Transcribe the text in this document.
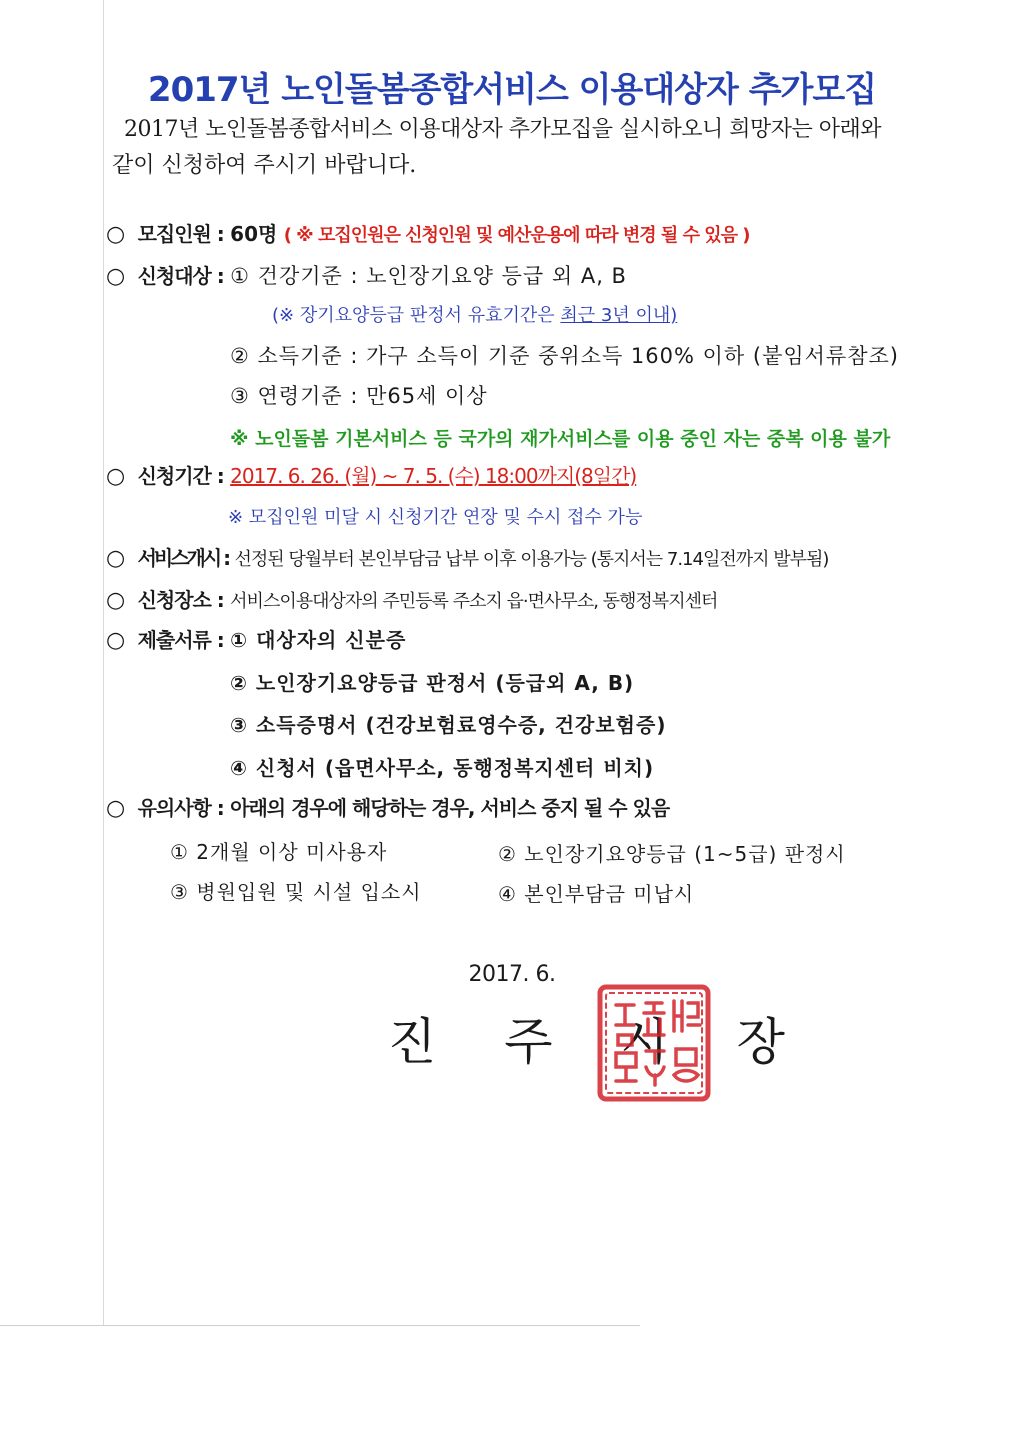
2017년 노인돌봄종합서비스 이용대상자 추가모집
2017년 노인돌봄종합서비스 이용대상자 추가모집을 실시하오니 희망자는 아래와
같이 신청하여 주시기 바랍니다.
○ 모집인원 : 60명 ( ※ 모집인원은 신청인원 및 예산운용에 따라 변경 될 수 있음 )
○ 신청대상 : ① 건강기준 : 노인장기요양 등급 외 A, B
(※ 장기요양등급 판정서 유효기간은 최근 3년 이내)
② 소득기준 : 가구 소득이 기준 중위소득 160% 이하 (붙임서류참조)
③ 연령기준 : 만65세 이상
※ 노인돌봄 기본서비스 등 국가의 재가서비스를 이용 중인 자는 중복 이용 불가
○ 신청기간 : 2017. 6. 26. (월) ~ 7. 5. (수) 18:00까지(8일간)
※ 모집인원 미달 시 신청기간 연장 및 수시 접수 가능
○ 서비스개시 : 선정된 당월부터 본인부담금 납부 이후 이용가능 (통지서는 7.14일전까지 발부됨)
○ 신청장소 : 서비스이용대상자의 주민등록 주소지 읍·면사무소, 동행정복지센터
○ 제출서류 : ① 대상자의 신분증
② 노인장기요양등급 판정서 (등급외 A, B)
③ 소득증명서 (건강보험료영수증, 건강보험증)
④ 신청서 (읍면사무소, 동행정복지센터 비치)
○ 유의사항 : 아래의 경우에 해당하는 경우, 서비스 중지 될 수 있음
① 2개월 이상 미사용자	② 노인장기요양등급 (1~5급) 판정시
③ 병원입원 및 시설 입소시	④ 본인부담금 미납시
2017. 6.
진 주 시 장
